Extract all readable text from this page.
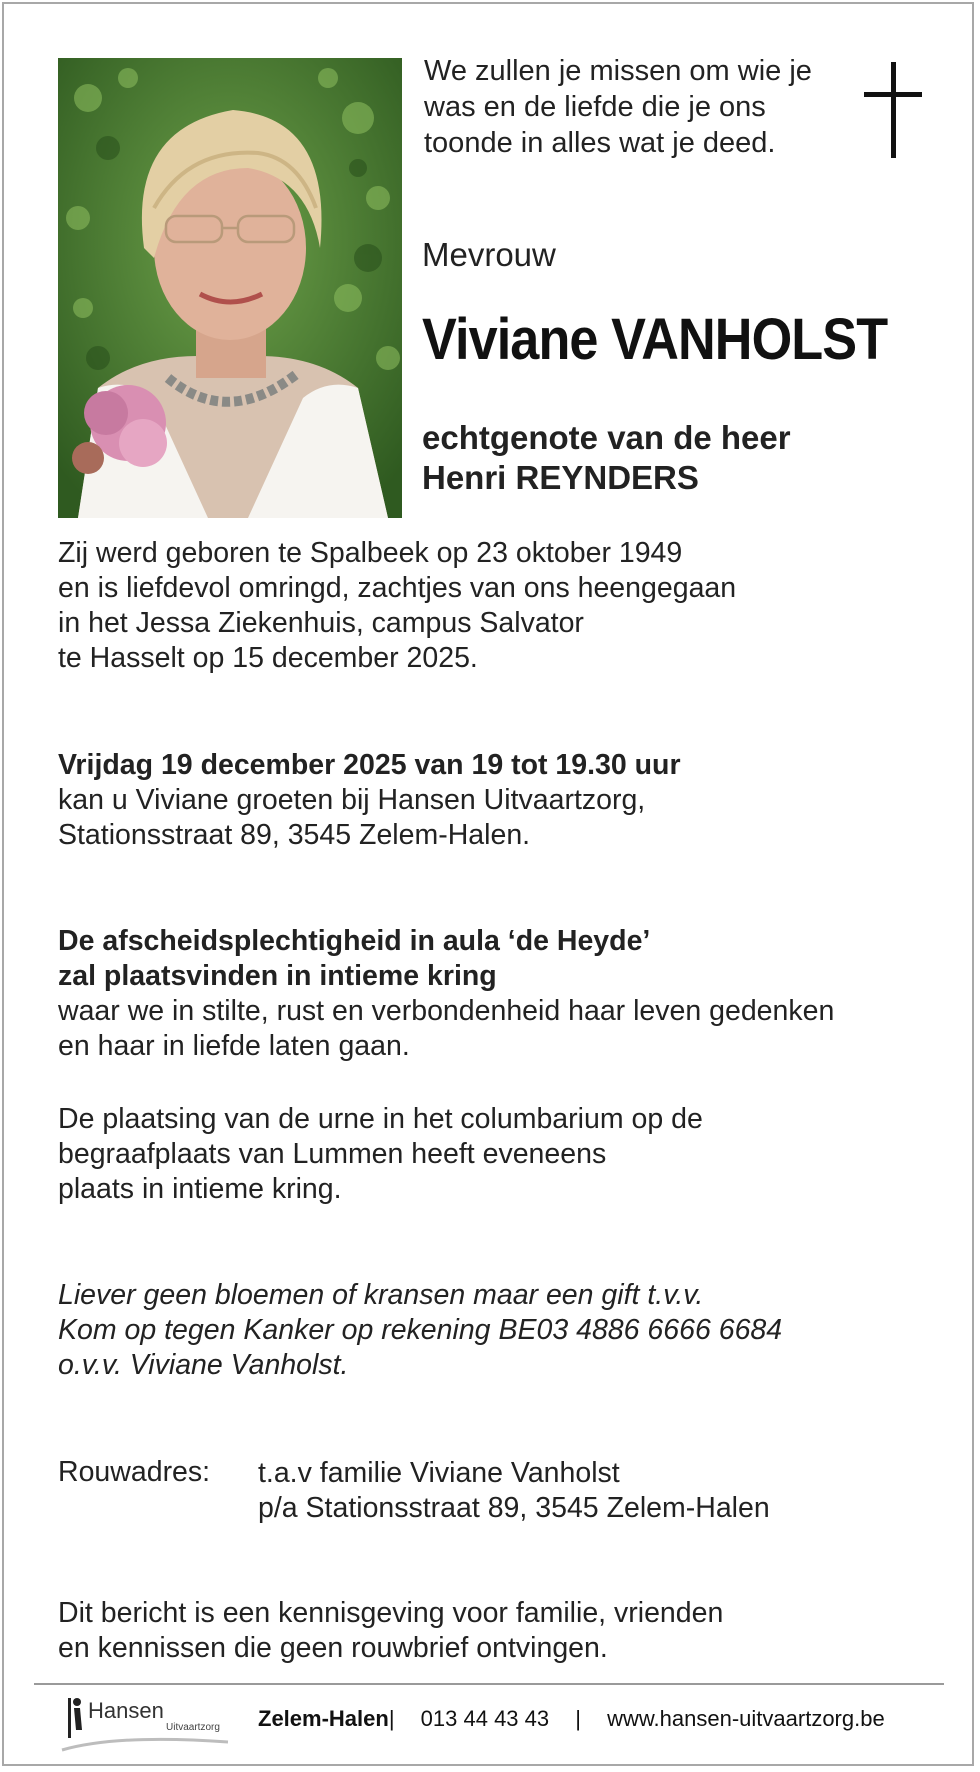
We zullen je missen om wie je
was en de liefde die je ons
toonde in alles wat je deed.
Mevrouw
Viviane VANHOLST
echtgenote van de heer
Henri REYNDERS
Zij werd geboren te Spalbeek op 23 oktober 1949
en is liefdevol omringd, zachtjes van ons heengegaan
in het Jessa Ziekenhuis, campus Salvator
te Hasselt op 15 december 2025.
Vrijdag 19 december 2025 van 19 tot 19.30 uur
kan u Viviane groeten bij Hansen Uitvaartzorg,
Stationsstraat 89, 3545 Zelem-Halen.
De afscheidsplechtigheid in aula ‘de Heyde’
zal plaatsvinden in intieme kring
waar we in stilte, rust en verbondenheid haar leven gedenken
en haar in liefde laten gaan.
De plaatsing van de urne in het columbarium op de
begraafplaats van Lummen heeft eveneens
plaats in intieme kring.
Liever geen bloemen of kransen maar een gift t.v.v.
Kom op tegen Kanker op rekening BE03 4886 6666 6684
o.v.v. Viviane Vanholst.
Rouwadres: t.a.v familie Viviane Vanholst
p/a Stationsstraat 89, 3545 Zelem-Halen
Dit bericht is een kennisgeving voor familie, vrienden
en kennissen die geen rouwbrief ontvingen.
Hansen
Uitvaartzorg Zelem-Halen| 013 44 43 43 | www.hansen-uitvaartzorg.be
